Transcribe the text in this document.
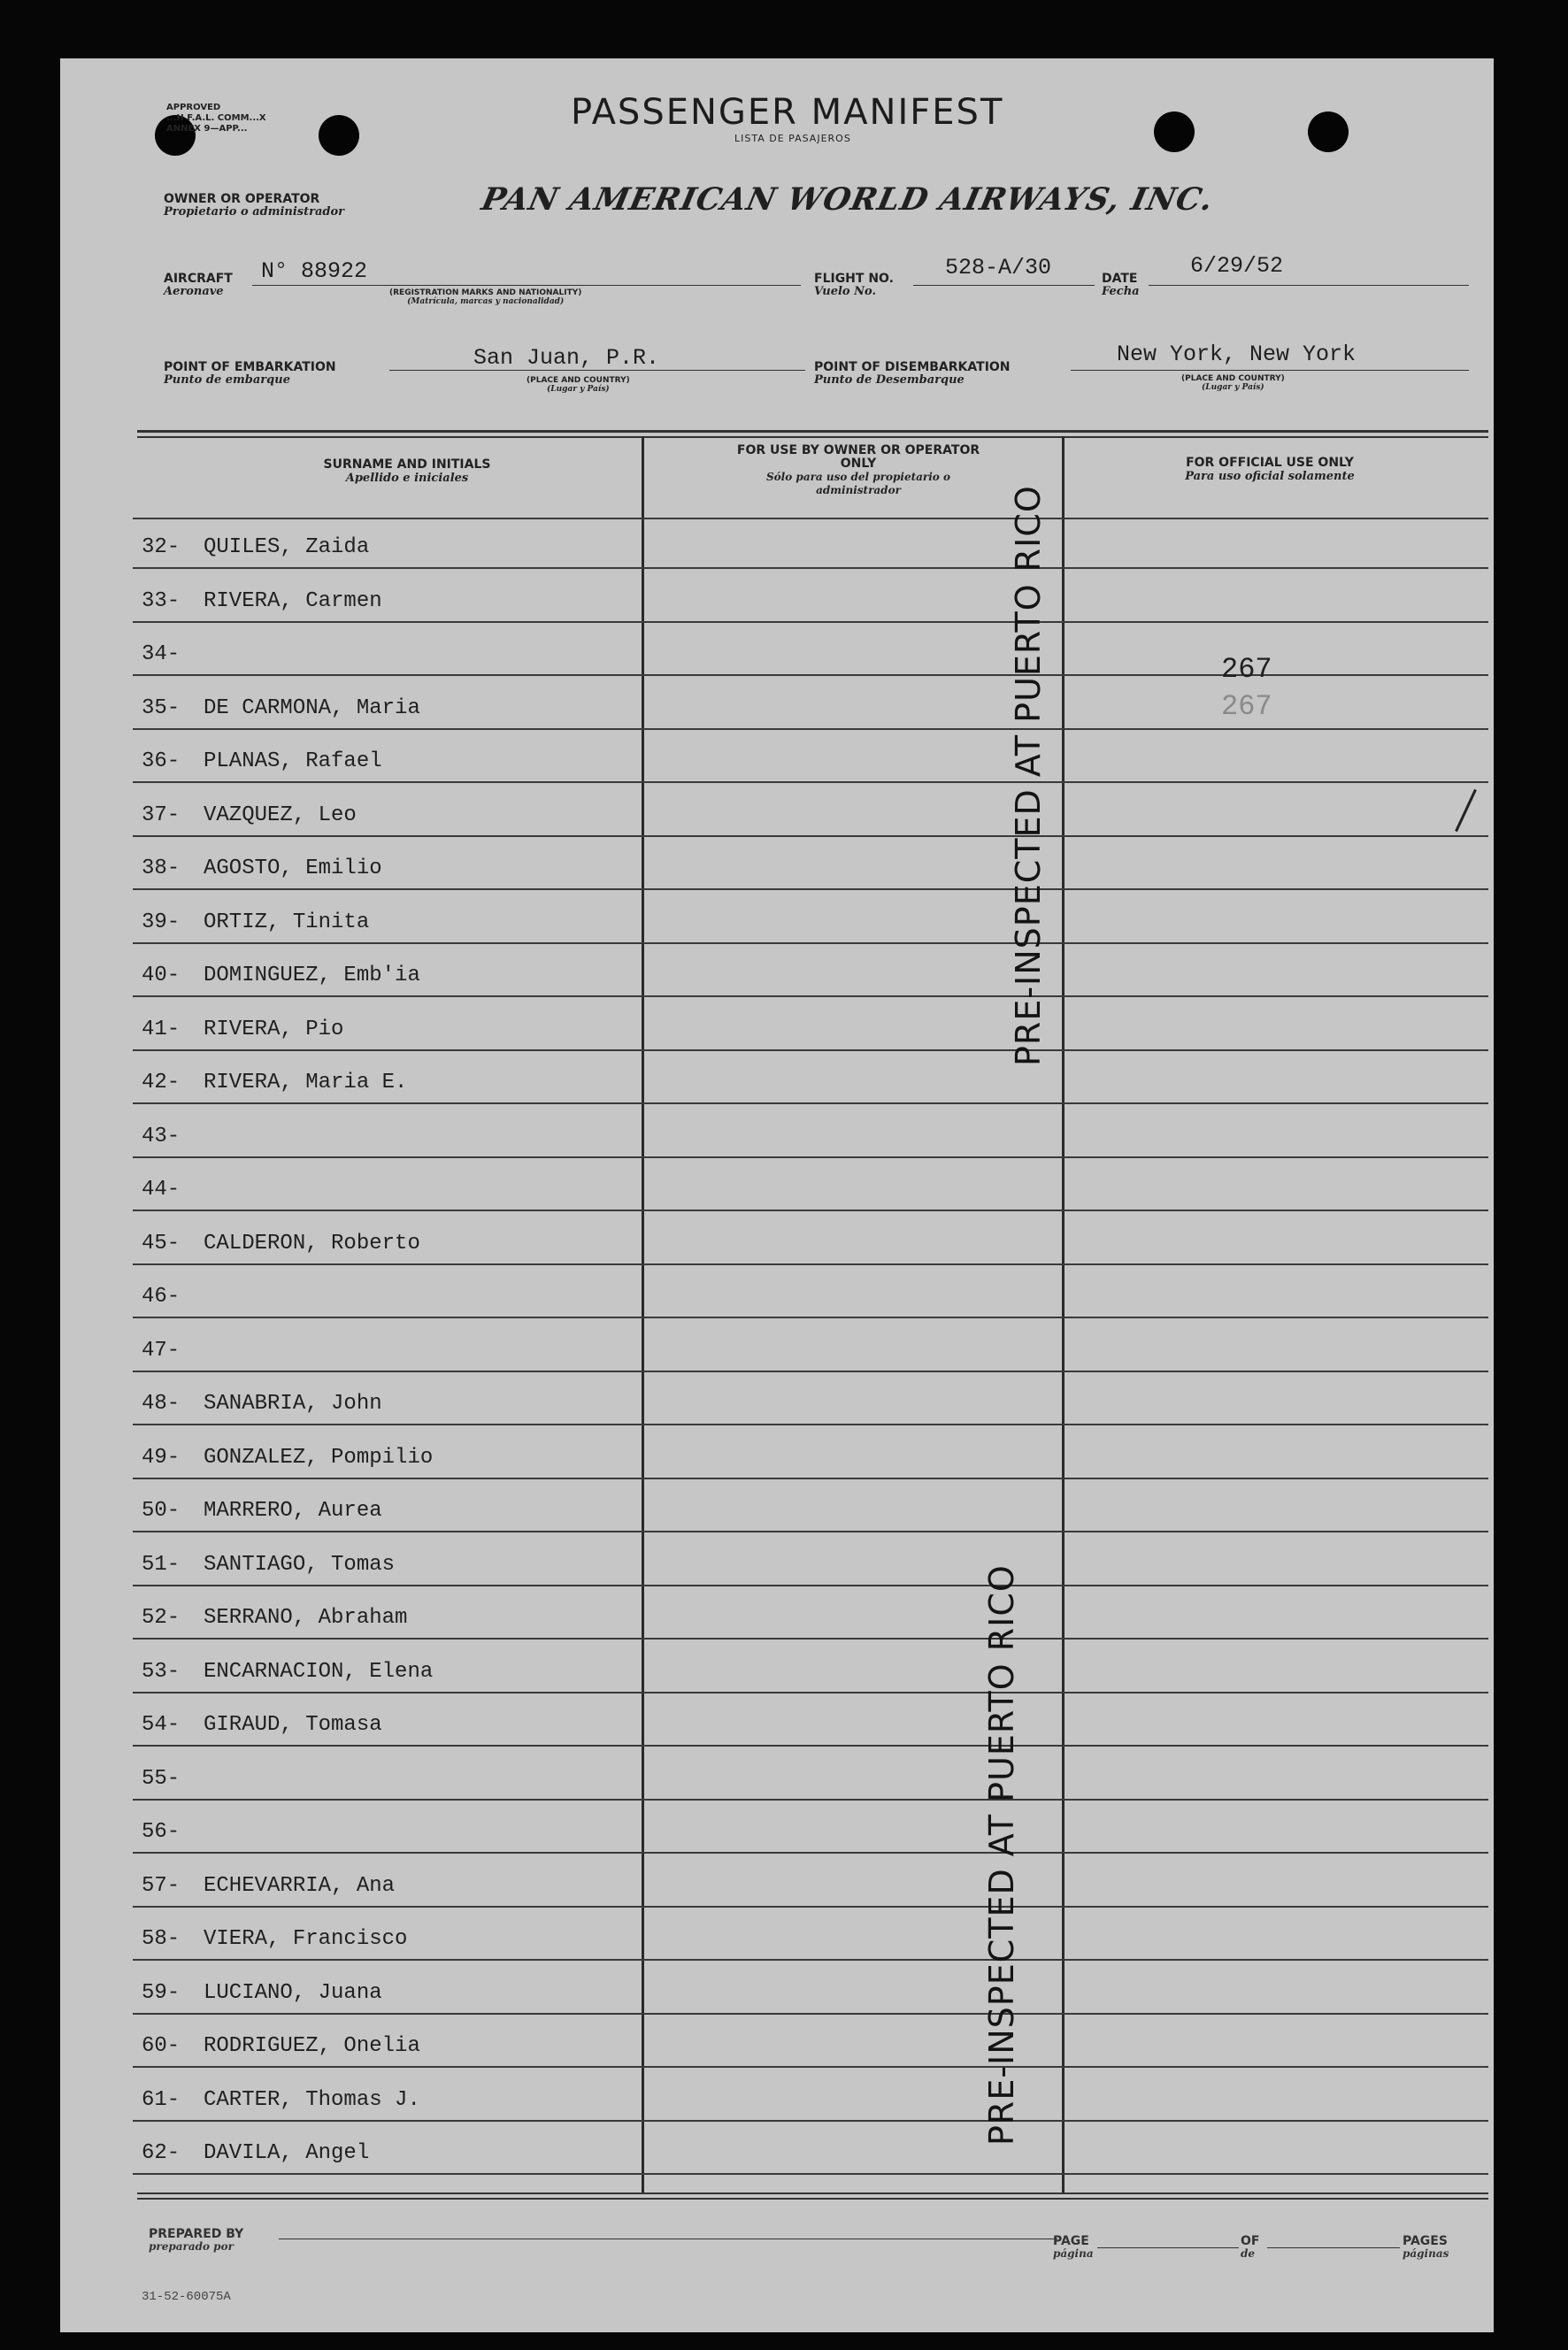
APPROVED
...H F.A.L. COMM...X
ANNEX 9—APP...	PASSENGER MANIFEST
LISTA DE PASAJEROS
OWNER OR OPERATOR
Propietario o administrador	PAN AMERICAN WORLD AIRWAYS, INC.
AIRCRAFT
Aeronave
N° 88922
(REGISTRATION MARKS AND NATIONALITY)
(Matrícula, marcas y nacionalidad)
FLIGHT NO.
Vuelo No.
528-A/30	DATE
Fecha
6/29/52
POINT OF EMBARKATION
Punto de embarque
San Juan, P.R.
(PLACE AND COUNTRY)
(Lugar y País)
POINT OF DISEMBARKATION
Punto de Desembarque
New York, New York
(PLACE AND COUNTRY)
(Lugar y País)
SURNAME AND INITIALS
Apellido e iniciales
FOR USE BY OWNER OR OPERATOR ONLY
Sólo para uso del propietario o administrador
FOR OFFICIAL USE ONLY
Para uso oficial solamente
32- QUILES, Zaida
33- RIVERA, Carmen
34-
35- DE CARMONA, Maria
36- PLANAS, Rafael
37- VAZQUEZ, Leo
38- AGOSTO, Emilio
39- ORTIZ, Tinita
40- DOMINGUEZ, Emb'ia
41- RIVERA, Pio
42- RIVERA, Maria E.
43-
44-
45- CALDERON, Roberto
46-
47-
48- SANABRIA, John
49- GONZALEZ, Pompilio
50- MARRERO, Aurea
51- SANTIAGO, Tomas
52- SERRANO, Abraham
53- ENCARNACION, Elena
54- GIRAUD, Tomasa
55-
56-
57- ECHEVARRIA, Ana
58- VIERA, Francisco
59- LUCIANO, Juana
60- RODRIGUEZ, Onelia
61- CARTER, Thomas J.
62- DAVILA, Angel
267
267
PRE-INSPECTED AT PUERTO RICO
PRE-INSPECTED AT PUERTO RICO
PREPARED BY
preparado por	PAGE
página
OF
de
PAGES
páginas
31-52-60075A
